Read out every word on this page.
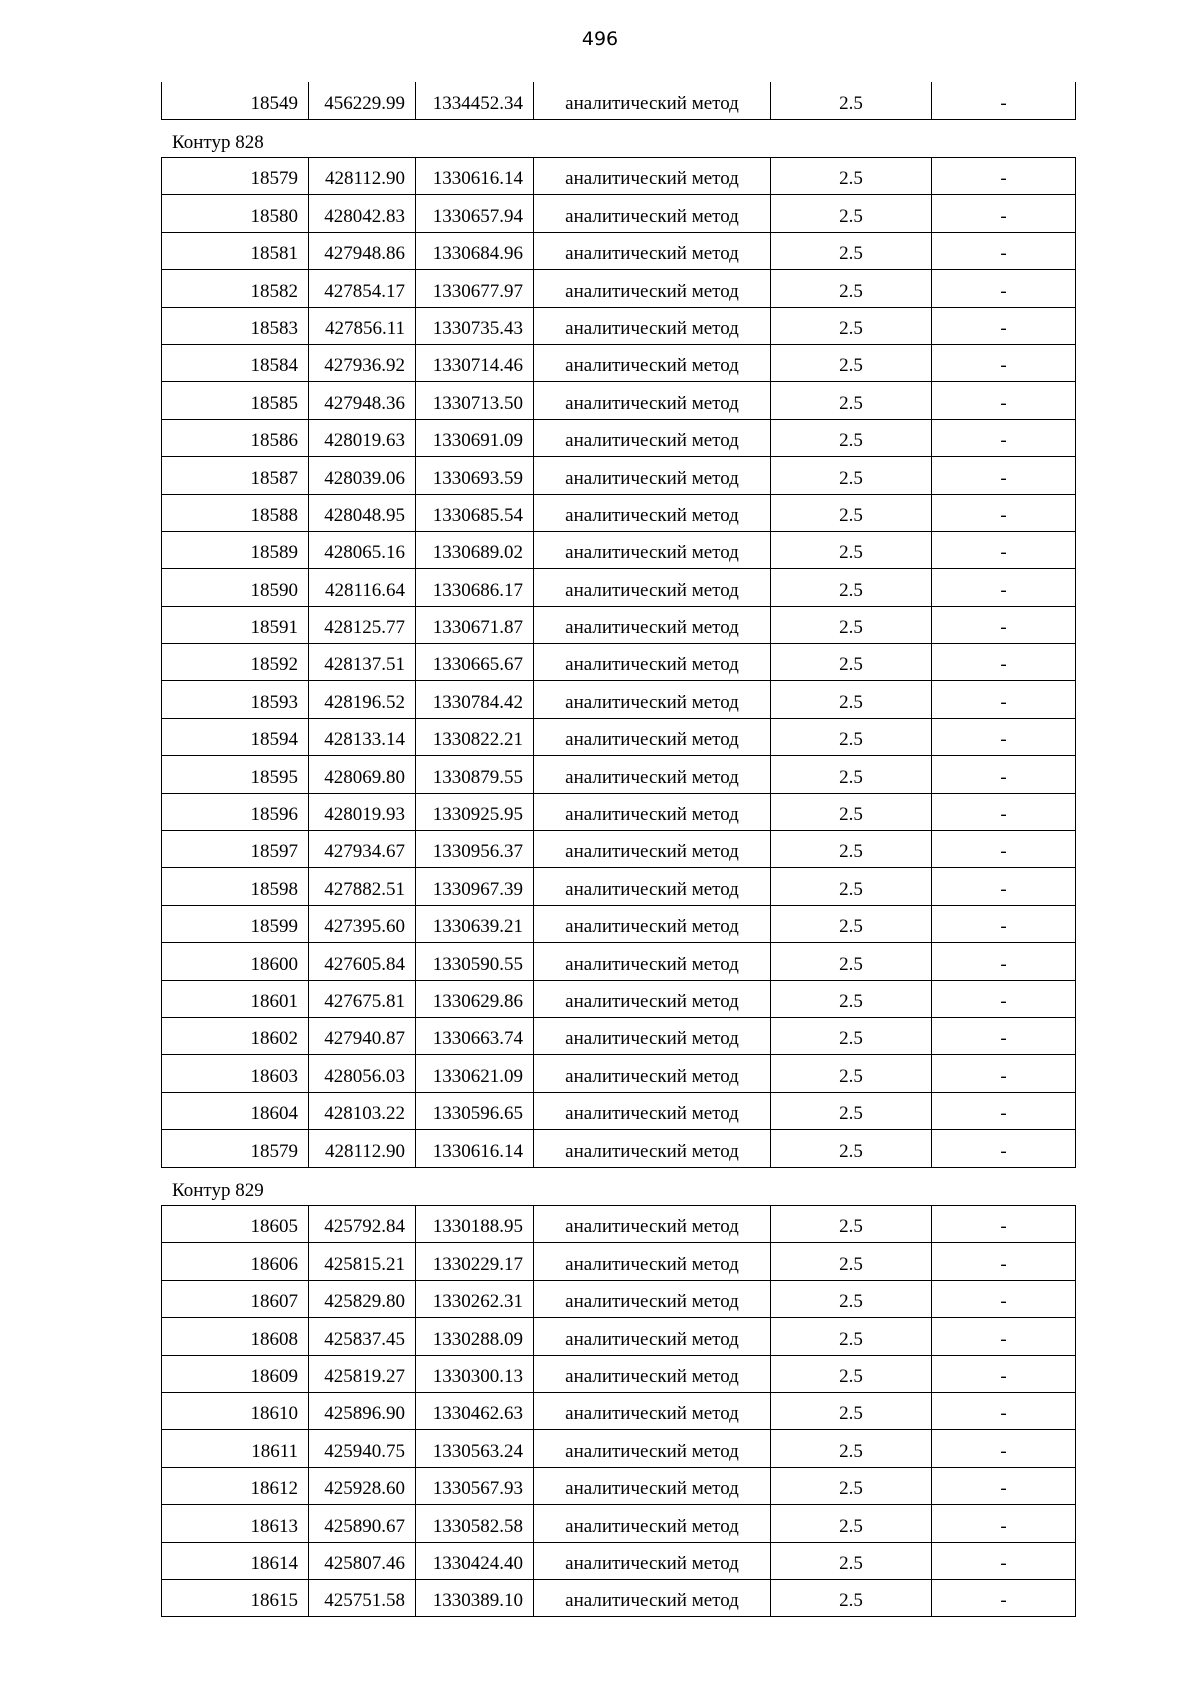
496
18549	456229.99	1334452.34	аналитический метод	2.5	-
Контур 828
18579	428112.90	1330616.14	аналитический метод	2.5	-
18580	428042.83	1330657.94	аналитический метод	2.5	-
18581	427948.86	1330684.96	аналитический метод	2.5	-
18582	427854.17	1330677.97	аналитический метод	2.5	-
18583	427856.11	1330735.43	аналитический метод	2.5	-
18584	427936.92	1330714.46	аналитический метод	2.5	-
18585	427948.36	1330713.50	аналитический метод	2.5	-
18586	428019.63	1330691.09	аналитический метод	2.5	-
18587	428039.06	1330693.59	аналитический метод	2.5	-
18588	428048.95	1330685.54	аналитический метод	2.5	-
18589	428065.16	1330689.02	аналитический метод	2.5	-
18590	428116.64	1330686.17	аналитический метод	2.5	-
18591	428125.77	1330671.87	аналитический метод	2.5	-
18592	428137.51	1330665.67	аналитический метод	2.5	-
18593	428196.52	1330784.42	аналитический метод	2.5	-
18594	428133.14	1330822.21	аналитический метод	2.5	-
18595	428069.80	1330879.55	аналитический метод	2.5	-
18596	428019.93	1330925.95	аналитический метод	2.5	-
18597	427934.67	1330956.37	аналитический метод	2.5	-
18598	427882.51	1330967.39	аналитический метод	2.5	-
18599	427395.60	1330639.21	аналитический метод	2.5	-
18600	427605.84	1330590.55	аналитический метод	2.5	-
18601	427675.81	1330629.86	аналитический метод	2.5	-
18602	427940.87	1330663.74	аналитический метод	2.5	-
18603	428056.03	1330621.09	аналитический метод	2.5	-
18604	428103.22	1330596.65	аналитический метод	2.5	-
18579	428112.90	1330616.14	аналитический метод	2.5	-
Контур 829
18605	425792.84	1330188.95	аналитический метод	2.5	-
18606	425815.21	1330229.17	аналитический метод	2.5	-
18607	425829.80	1330262.31	аналитический метод	2.5	-
18608	425837.45	1330288.09	аналитический метод	2.5	-
18609	425819.27	1330300.13	аналитический метод	2.5	-
18610	425896.90	1330462.63	аналитический метод	2.5	-
18611	425940.75	1330563.24	аналитический метод	2.5	-
18612	425928.60	1330567.93	аналитический метод	2.5	-
18613	425890.67	1330582.58	аналитический метод	2.5	-
18614	425807.46	1330424.40	аналитический метод	2.5	-
18615	425751.58	1330389.10	аналитический метод	2.5	-
